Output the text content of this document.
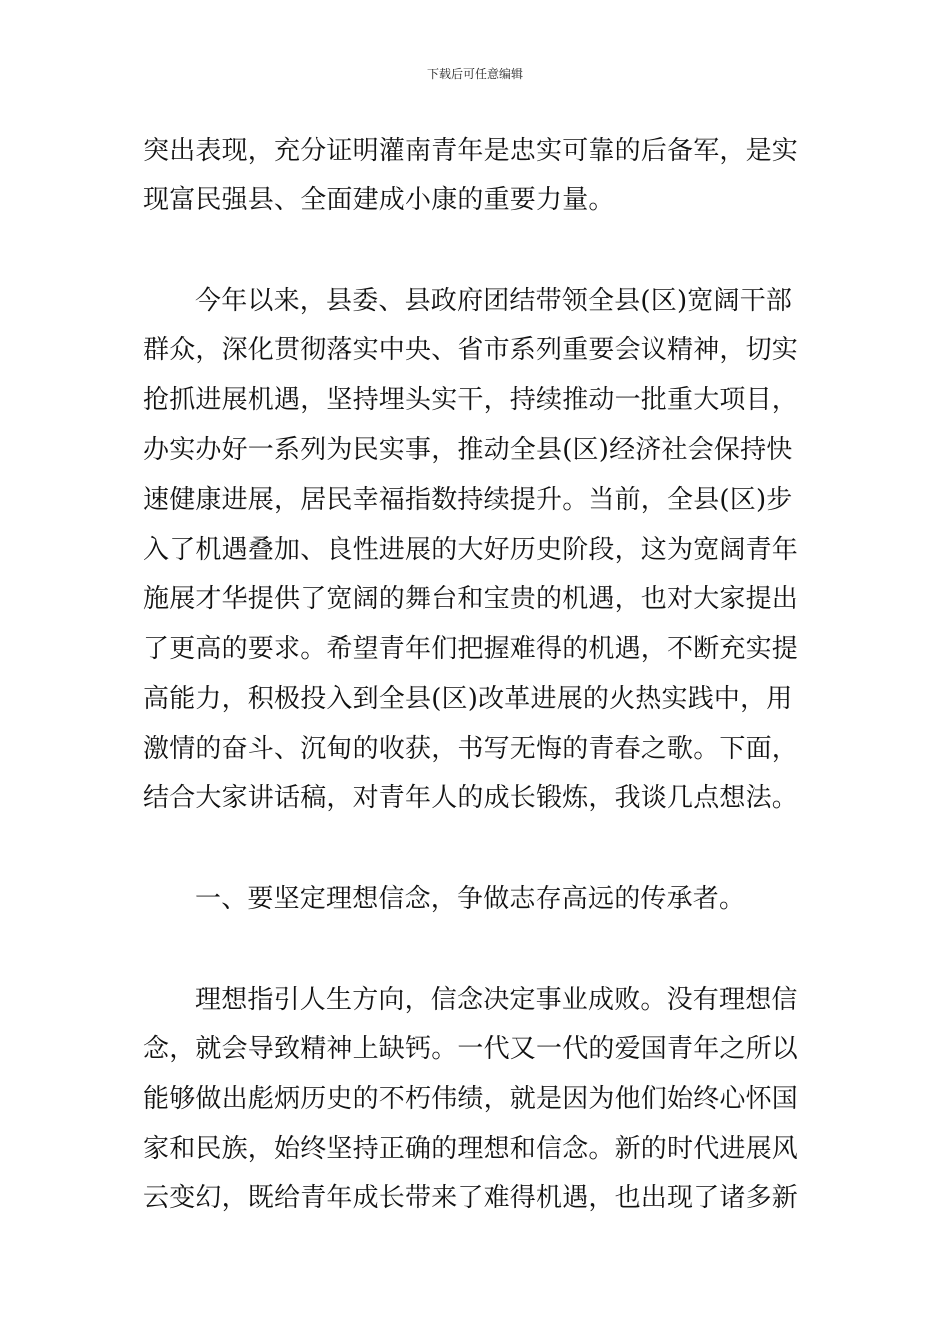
下载后可任意编辑
突出表现，充分证明灌南青年是忠实可靠的后备军，是实
现富民强县、全面建成小康的重要力量。
今年以来，县委、县政府团结带领全县(区)宽阔干部
群众，深化贯彻落实中央、省市系列重要会议精神，切实
抢抓进展机遇，坚持埋头实干，持续推动一批重大项目，
办实办好一系列为民实事，推动全县(区)经济社会保持快
速健康进展，居民幸福指数持续提升。当前，全县(区)步
入了机遇叠加、良性进展的大好历史阶段，这为宽阔青年
施展才华提供了宽阔的舞台和宝贵的机遇，也对大家提出
了更高的要求。希望青年们把握难得的机遇，不断充实提
高能力，积极投入到全县(区)改革进展的火热实践中，用
激情的奋斗、沉甸的收获，书写无悔的青春之歌。下面，
结合大家讲话稿，对青年人的成长锻炼，我谈几点想法。
一、要坚定理想信念，争做志存高远的传承者。
理想指引人生方向，信念决定事业成败。没有理想信
念，就会导致精神上缺钙。一代又一代的爱国青年之所以
能够做出彪炳历史的不朽伟绩，就是因为他们始终心怀国
家和民族，始终坚持正确的理想和信念。新的时代进展风
云变幻，既给青年成长带来了难得机遇，也出现了诸多新
